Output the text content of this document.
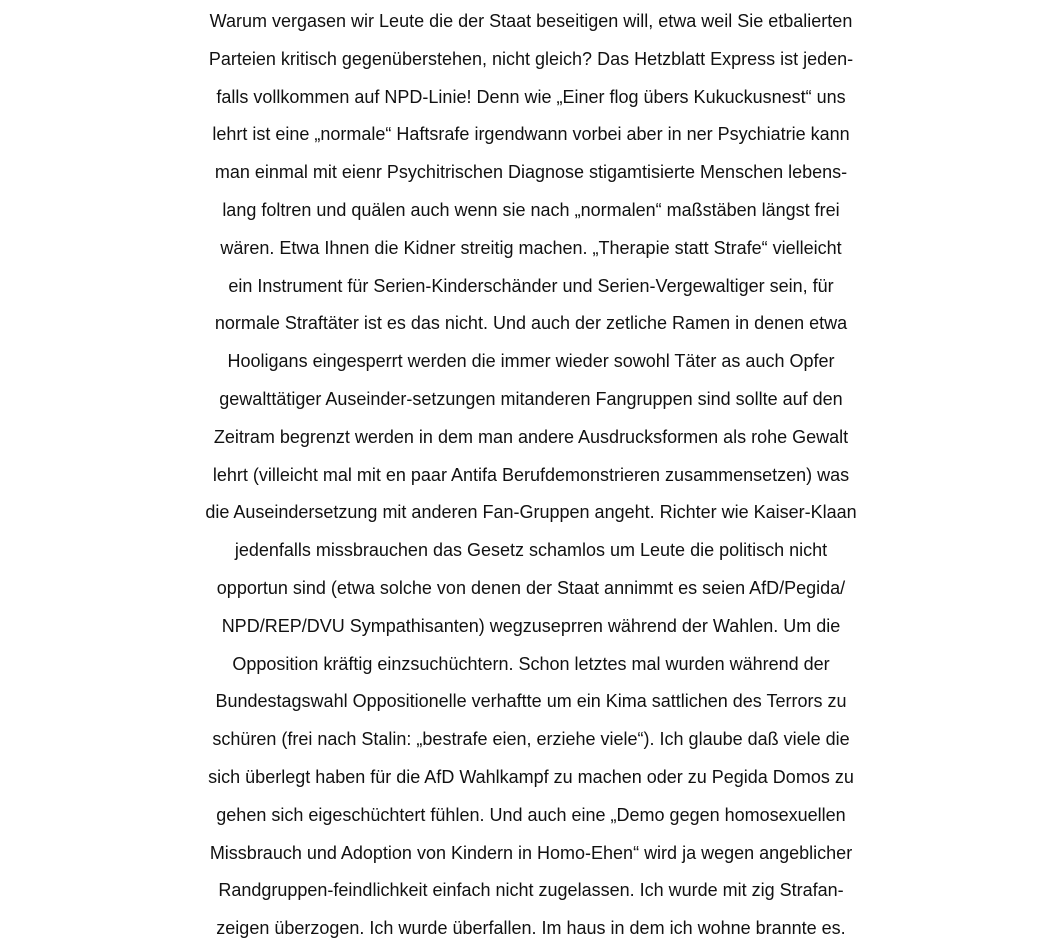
Warum vergasen wir Leute die der Staat beseitigen will, etwa weil Sie etbalierten
Parteien kritisch gegenüberstehen, nicht gleich? Das Hetzblatt Express ist jeden-
falls vollkommen auf NPD-Linie! Denn wie „Einer flog übers Kukuckusnest“ uns
lehrt ist eine „normale“ Haftsrafe irgendwann vorbei aber in ner Psychiatrie kann
man einmal mit eienr Psychitrischen Diagnose stigamtisierte Menschen lebens-
lang foltren und quälen auch wenn sie nach „normalen“ maßstäben längst frei
wären. Etwa Ihnen die Kidner streitig machen. „Therapie statt Strafe“ vielleicht
ein Instrument für Serien-Kinderschänder und Serien-Vergewaltiger sein, für
normale Straftäter ist es das nicht. Und auch der zetliche Ramen in denen etwa
Hooligans eingesperrt werden die immer wieder sowohl Täter as auch Opfer
gewalttätiger Auseinder-setzungen mitanderen Fangruppen sind sollte auf den
Zeitram begrenzt werden in dem man andere Ausdrucksformen als rohe Gewalt
lehrt (villeicht mal mit en paar Antifa Berufdemonstrieren zusammensetzen) was
die Auseindersetzung mit anderen Fan-Gruppen angeht. Richter wie Kaiser-Klaan
jedenfalls missbrauchen das Gesetz schamlos um Leute die politisch nicht
opportun sind (etwa solche von denen der Staat annimmt es seien AfD/Pegida/
NPD/REP/DVU Sympathisanten) wegzuseprren während der Wahlen. Um die
Opposition kräftig einzsuchüchtern. Schon letztes mal wurden während der
Bundestagswahl Oppositionelle verhaftte um ein Kima sattlichen des Terrors zu
schüren (frei nach Stalin: „bestrafe eien, erziehe viele“). Ich glaube daß viele die
sich überlegt haben für die AfD Wahlkampf zu machen oder zu Pegida Domos zu
gehen sich eigeschüchtert fühlen. Und auch eine „Demo gegen homosexuellen
Missbrauch und Adoption von Kindern in Homo-Ehen“ wird ja wegen angeblicher
Randgruppen-feindlichkeit einfach nicht zugelassen. Ich wurde mit zig Strafan-
zeigen überzogen. Ich wurde überfallen. Im haus in dem ich wohne brannte es.
